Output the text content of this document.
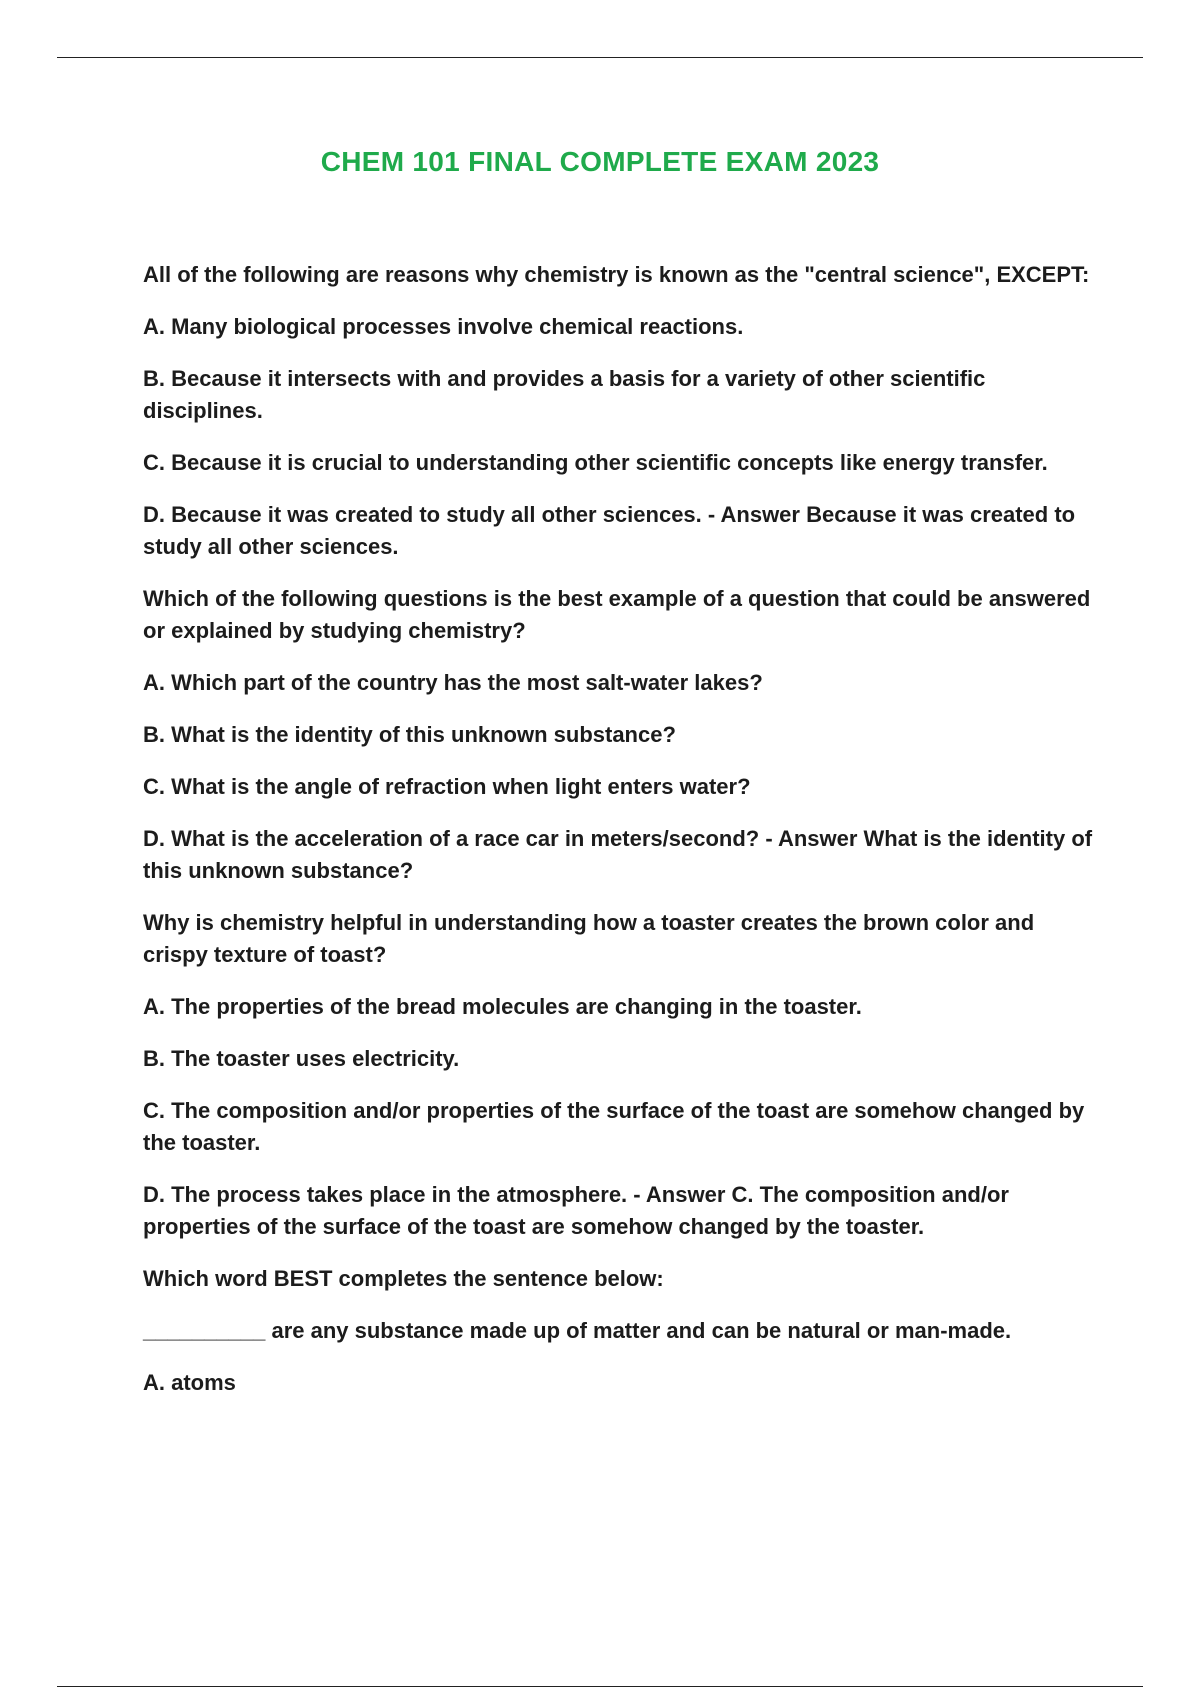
CHEM 101 FINAL COMPLETE EXAM 2023

All of the following are reasons why chemistry is known as the "central science", EXCEPT:

A. Many biological processes involve chemical reactions.

B. Because it intersects with and provides a basis for a variety of other scientific disciplines.

C. Because it is crucial to understanding other scientific concepts like energy transfer.

D. Because it was created to study all other sciences. - Answer Because it was created to study all other sciences.

Which of the following questions is the best example of a question that could be answered or explained by studying chemistry?

A. Which part of the country has the most salt-water lakes?

B. What is the identity of this unknown substance?

C. What is the angle of refraction when light enters water?

D. What is the acceleration of a race car in meters/second? - Answer What is the identity of this unknown substance?

Why is chemistry helpful in understanding how a toaster creates the brown color and crispy texture of toast?

A. The properties of the bread molecules are changing in the toaster.

B. The toaster uses electricity.

C. The composition and/or properties of the surface of the toast are somehow changed by the toaster.

D. The process takes place in the atmosphere. - Answer C. The composition and/or properties of the surface of the toast are somehow changed by the toaster.

Which word BEST completes the sentence below:

__________ are any substance made up of matter and can be natural or man-made.

A. atoms
